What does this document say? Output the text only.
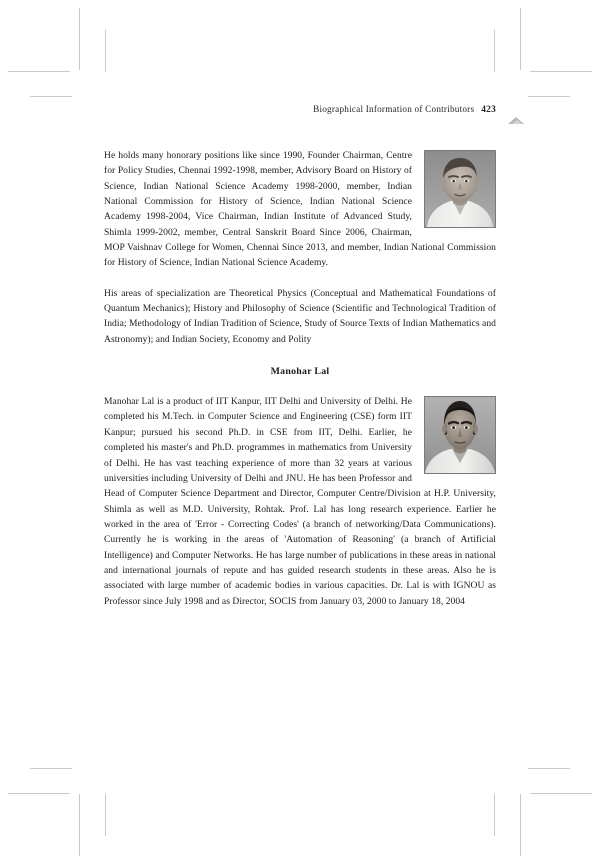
Biographical Information of Contributors 423

He holds many honorary positions like since 1990, Founder Chairman, Centre for Policy Studies, Chennai 1992-1998, member, Advisory Board on History of Science, Indian National Science Academy 1998-2000, member, Indian National Commission for History of Science, Indian National Science Academy 1998-2004, Vice Chairman, Indian Institute of Advanced Study, Shimla 1999-2002, member, Central Sanskrit Board Since 2006, Chairman, MOP Vaishnav College for Women, Chennai Since 2013, and member, Indian National Commission for History of Science, Indian National Science Academy.

His areas of specialization are Theoretical Physics (Conceptual and Mathematical Foundations of Quantum Mechanics); History and Philosophy of Science (Scientific and Technological Tradition of India; Methodology of Indian Tradition of Science, Study of Source Texts of Indian Mathematics and Astronomy); and Indian Society, Economy and Polity

Manohar Lal

Manohar Lal is a product of IIT Kanpur, IIT Delhi and University of Delhi. He completed his M.Tech. in Computer Science and Engineering (CSE) form IIT Kanpur; pursued his second Ph.D. in CSE from IIT, Delhi. Earlier, he completed his master's and Ph.D. programmes in mathematics from University of Delhi. He has vast teaching experience of more than 32 years at various universities including University of Delhi and JNU. He has been Professor and Head of Computer Science Department and Director, Computer Centre/Division at H.P. University, Shimla as well as M.D. University, Rohtak. Prof. Lal has long research experience. Earlier he worked in the area of 'Error - Correcting Codes' (a branch of networking/Data Communications). Currently he is working in the areas of 'Automation of Reasoning' (a branch of Artificial Intelligence) and Computer Networks. He has large number of publications in these areas in national and international journals of repute and has guided research students in these areas. Also he is associated with large number of academic bodies in various capacities. Dr. Lal is with IGNOU as Professor since July 1998 and as Director, SOCIS from January 03, 2000 to January 18, 2004
